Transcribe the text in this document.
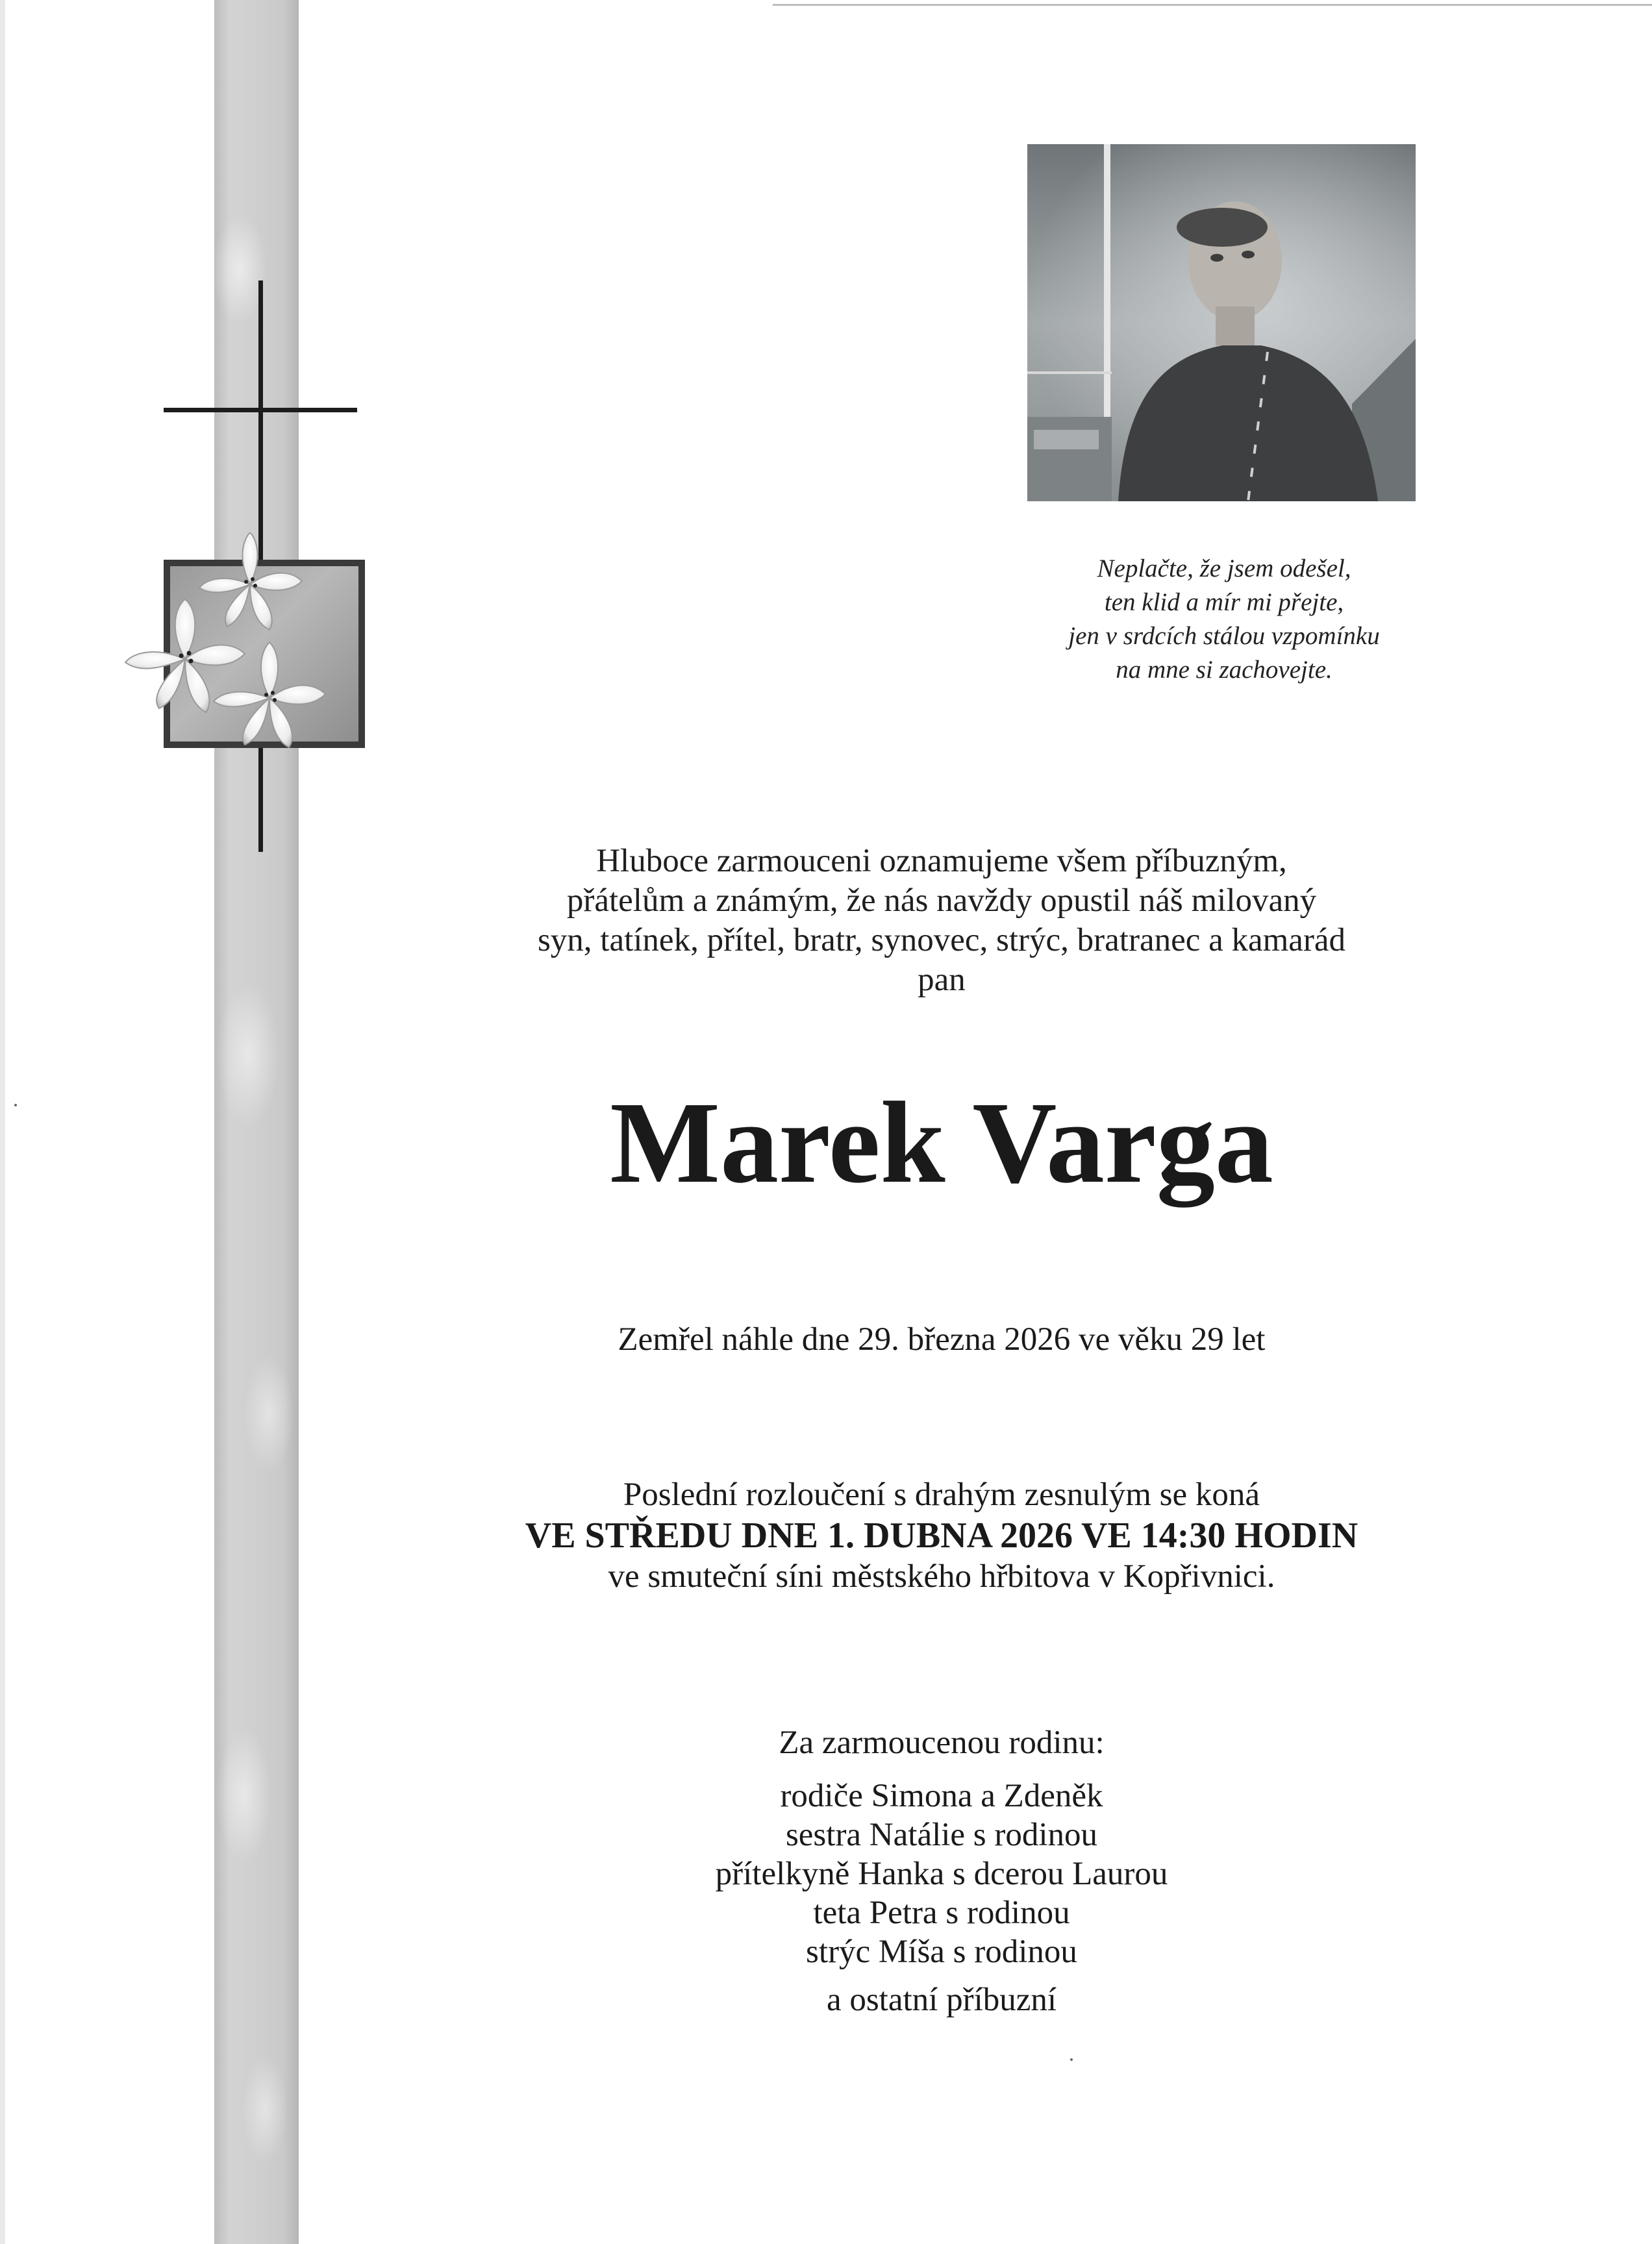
Neplačte, že jsem odešel,
ten klid a mír mi přejte,
jen v srdcích stálou vzpomínku
na mne si zachovejte.
Hluboce zarmouceni oznamujeme všem příbuzným,
přátelům a známým, že nás navždy opustil náš milovaný
syn, tatínek, přítel, bratr, synovec, strýc, bratranec a kamarád
pan
Marek Varga
Zemřel náhle dne 29. března 2026 ve věku 29 let
Poslední rozloučení s drahým zesnulým se koná
VE STŘEDU DNE 1. DUBNA 2026 VE 14:30 HODIN
ve smuteční síni městského hřbitova v Kopřivnici.
Za zarmoucenou rodinu:
rodiče Simona a Zdeněk
sestra Natálie s rodinou
přítelkyně Hanka s dcerou Laurou
teta Petra s rodinou
strýc Míša s rodinou
a ostatní příbuzní
